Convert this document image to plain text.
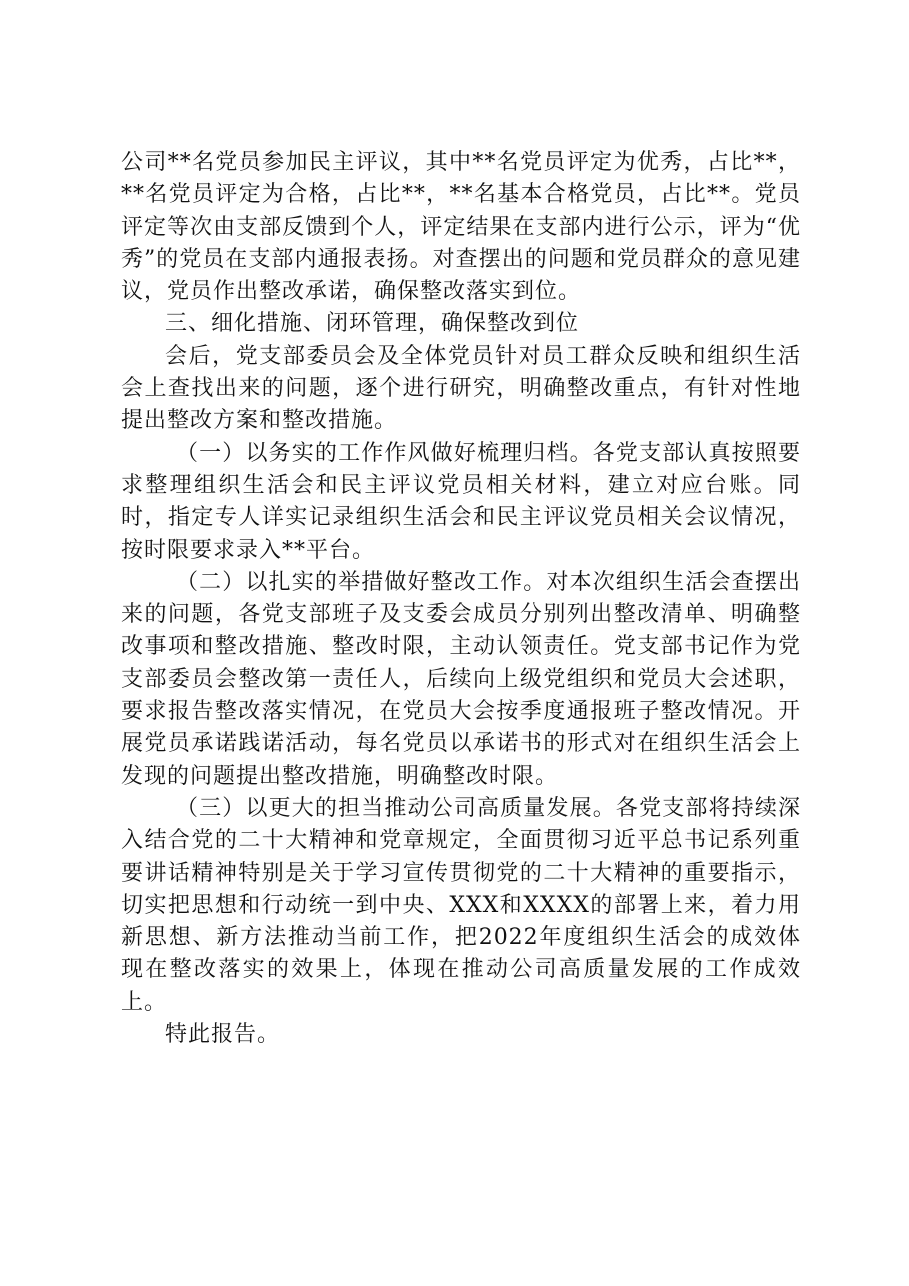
公司**名党员参加民主评议，其中**名党员评定为优秀，占比**，**名党员评定为合格，占比**，**名基本合格党员，占比**。党员评定等次由支部反馈到个人，评定结果在支部内进行公示，评为“优秀”的党员在支部内通报表扬。对查摆出的问题和党员群众的意见建议，党员作出整改承诺，确保整改落实到位。

三、细化措施、闭环管理，确保整改到位

会后，党支部委员会及全体党员针对员工群众反映和组织生活会上查找出来的问题，逐个进行研究，明确整改重点，有针对性地提出整改方案和整改措施。

（一）以务实的工作作风做好梳理归档。各党支部认真按照要求整理组织生活会和民主评议党员相关材料，建立对应台账。同时，指定专人详实记录组织生活会和民主评议党员相关会议情况，按时限要求录入**平台。

（二）以扎实的举措做好整改工作。对本次组织生活会查摆出来的问题，各党支部班子及支委会成员分别列出整改清单、明确整改事项和整改措施、整改时限，主动认领责任。党支部书记作为党支部委员会整改第一责任人，后续向上级党组织和党员大会述职，要求报告整改落实情况，在党员大会按季度通报班子整改情况。开展党员承诺践诺活动，每名党员以承诺书的形式对在组织生活会上发现的问题提出整改措施，明确整改时限。

（三）以更大的担当推动公司高质量发展。各党支部将持续深入结合党的二十大精神和党章规定，全面贯彻习近平总书记系列重要讲话精神特别是关于学习宣传贯彻党的二十大精神的重要指示，切实把思想和行动统一到中央、XXX和XXXX的部署上来，着力用新思想、新方法推动当前工作，把2022年度组织生活会的成效体现在整改落实的效果上，体现在推动公司高质量发展的工作成效上。

特此报告。
